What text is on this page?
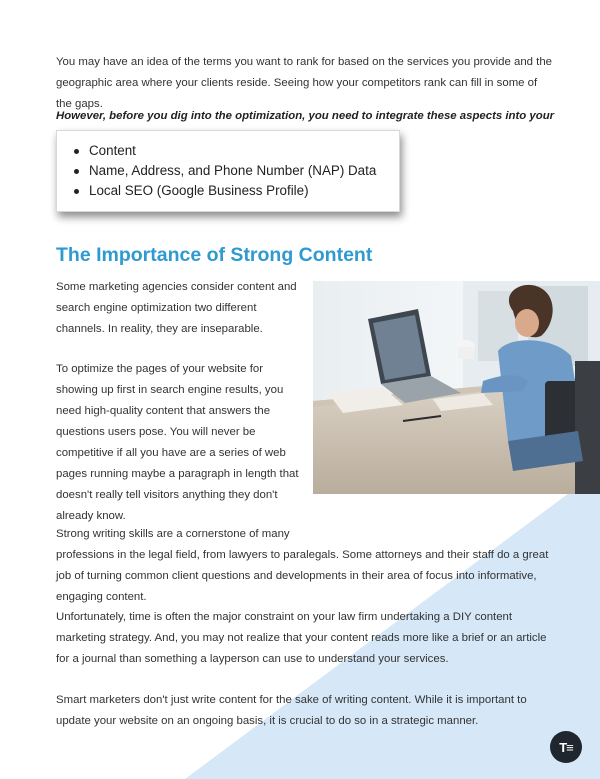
You may have an idea of the terms you want to rank for based on the services you provide and the geographic area where your clients reside. Seeing how your competitors rank can fill in some of the gaps.

However, before you dig into the optimization, you need to integrate these aspects into your

Content
Name, Address, and Phone Number (NAP) Data
Local SEO (Google Business Profile)
The Importance of Strong Content

Some marketing agencies consider content and search engine optimization two different channels. In reality, they are inseparable.

To optimize the pages of your website for showing up first in search engine results, you need high-quality content that answers the questions users pose. You will never be competitive if all you have are a series of web pages running maybe a paragraph in length that doesn't really tell visitors anything they don't already know.

Strong writing skills are a cornerstone of many

professions in the legal field, from lawyers to paralegals. Some attorneys and their staff do a great job of turning common client questions and developments in their area of focus into informative, engaging content.

Unfortunately, time is often the major constraint on your law firm undertaking a DIY content marketing strategy. And, you may not realize that your content reads more like a brief or an article for a journal than something a layperson can use to understand your services.

Smart marketers don't just write content for the sake of writing content. While it is important to update your website on an ongoing basis, it is crucial to do so in a strategic manner.

T≡
